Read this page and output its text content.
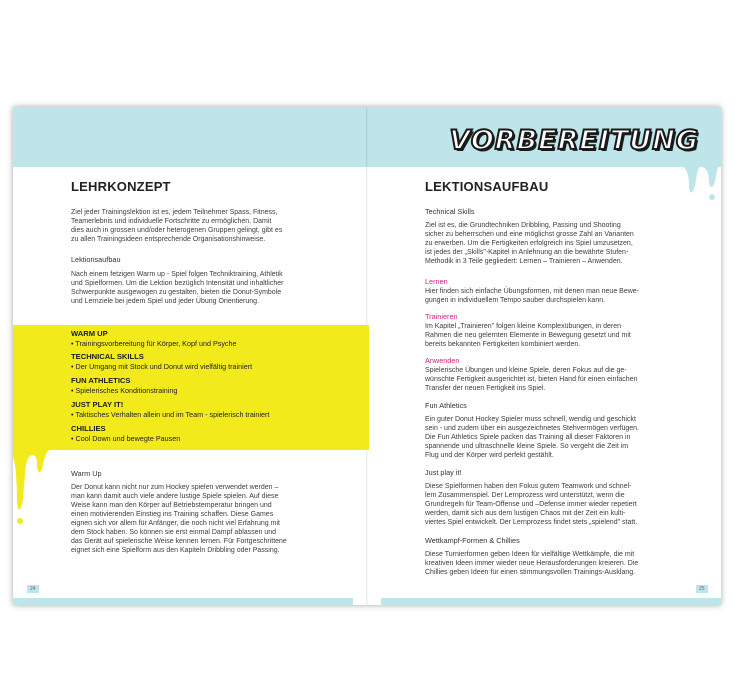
VORBEREITUNG
LEHRKONZEPT

Ziel jeder Trainingslektion ist es, jedem Teilnehmer Spass, Fitness,

Teamerlebnis und individuelle Fortschritte zu ermöglichen. Damit

dies auch in grossen und/oder heterogenen Gruppen gelingt, gibt es

zu allen Trainingsideen entsprechende Organisationshinweise.

Lektionsaufbau

Nach einem fetzigen Warm up - Spiel folgen Techniktraining, Athletik

und Spielformen. Um die Lektion bezüglich Intensität und inhaltlicher

Schwerpunkte ausgewogen zu gestalten, bieten die Donut-Symbole

und Lernziele bei jedem Spiel und jeder Übung Orientierung.

WARM UP
• Trainingsvorbereitung für Körper, Kopf und Psyche
TECHNICAL SKILLS
• Der Umgang mit Stock und Donut wird vielfältig trainiert
FUN ATHLETICS
• Spielerisches Konditionstraining
JUST PLAY IT!
• Taktisches Verhalten allein und im Team - spielerisch trainiert
CHILLIES
• Cool Down und bewegte Pausen
Warm Up

Der Donut kann nicht nur zum Hockey spielen verwendet werden –

man kann damit auch viele andere lustige Spiele spielen. Auf diese

Weise kann man den Körper auf Betriebstemperatur bringen und

einen motivierenden Einstieg ins Training schaffen. Diese Games

eignen sich vor allem für Anfänger, die noch nicht viel Erfahrung mit

dem Stock haben. So können sie erst einmal Dampf ablassen und

das Gerät auf spielerische Weise kennen lernen. Für Fortgeschrittene

eignet sich eine Spielform aus den Kapiteln Dribbling oder Passing.

24
LEKTIONSAUFBAU
Technical Skills

Ziel ist es, die Grundtechniken Dribbling, Passing und Shooting

sicher zu beherrschen und eine möglichst grosse Zahl an Varianten

zu erwerben. Um die Fertigkeiten erfolgreich ins Spiel umzusetzen,

ist jedes der „Skills"-Kapitel in Anlehnung an die bewährte Stufen-

Methodik in 3 Teile gegliedert: Lernen – Trainieren – Anwenden.

Lernen

Hier finden sich einfache Übungsformen, mit denen man neue Bewe-

gungen in individuellem Tempo sauber durchspielen kann.

Trainieren

Im Kapitel „Trainieren" folgen kleine Komplexübungen, in deren

Rahmen die neu gelernten Elemente in Bewegung gesetzt und mit

bereits bekannten Fertigkeiten kombiniert werden.

Anwenden

Spielerische Übungen und kleine Spiele, deren Fokus auf die ge-

wünschte Fertigkeit ausgerichtet ist, bieten Hand für einen einfachen

Transfer der neuen Fertigkeit ins Spiel.

Fun Athletics

Ein guter Donut Hockey Spieler muss schnell, wendig und geschickt

sein - und zudem über ein ausgezeichnetes Stehvermögen verfügen.

Die Fun Athletics Spiele packen das Training all dieser Faktoren in

spannende und ultraschnelle kleine Spiele. So vergeht die Zeit im

Flug und der Körper wird perfekt gestählt.

Just play it!

Diese Spielformen haben den Fokus gutem Teamwork und schnel-

lem Zusammenspiel. Der Lernprozess wird unterstützt, wenn die

Grundregeln für Team-Offense und –Defense immer wieder repetiert

werden, damit sich aus dem lustigen Chaos mit der Zeit ein kulti-

viertes Spiel entwickelt. Der Lernprozess findet stets „spielend" statt.

Wettkampf-Formen & Chillies

Diese Turnierformen geben Ideen für vielfältige Wettkämpfe, die mit

kreativen Ideen immer wieder neue Herausforderungen kreieren. Die

Chillies geben Ideen für einen stimmungsvollen Trainings-Ausklang.

25
